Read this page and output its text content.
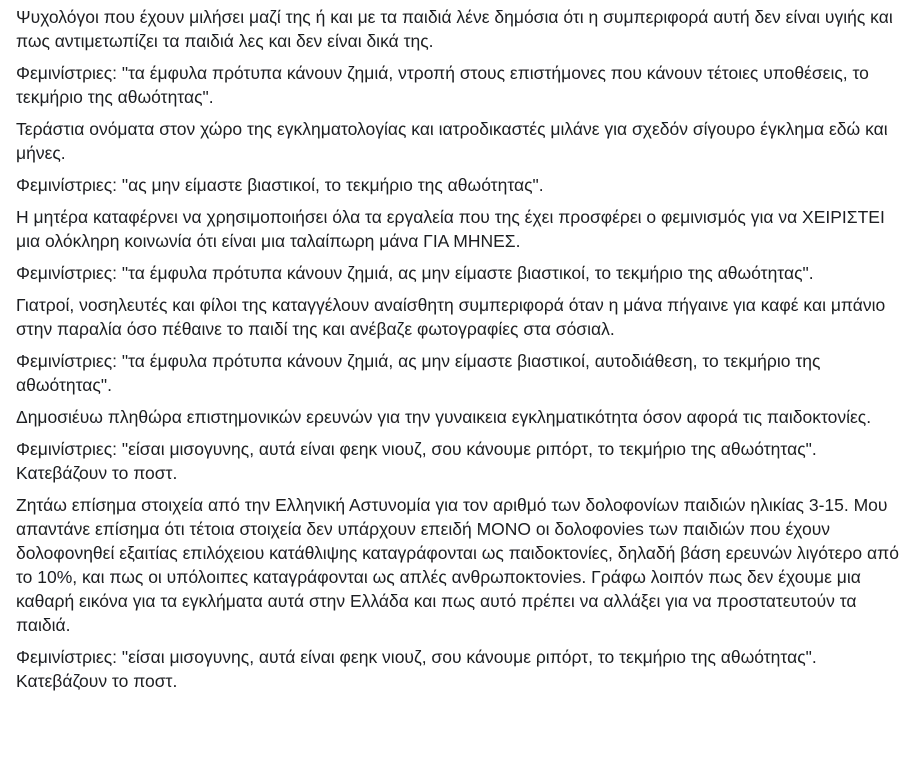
Ψυχολόγοι που έχουν μιλήσει μαζί της ή και με τα παιδιά λένε δημόσια ότι η συμπεριφορά αυτή δεν είναι υγιής και πως αντιμετωπίζει τα παιδιά λες και δεν είναι δικά της.

Φεμινίστριες: "τα έμφυλα πρότυπα κάνουν ζημιά, ντροπή στους επιστήμονες που κάνουν τέτοιες υποθέσεις, το τεκμήριο της αθωότητας".

Τεράστια ονόματα στον χώρο της εγκληματολογίας και ιατροδικαστές μιλάνε για σχεδόν σίγουρο έγκλημα εδώ και μήνες.

Φεμινίστριες: "ας μην είμαστε βιαστικοί, το τεκμήριο της αθωότητας".

Η μητέρα καταφέρνει να χρησιμοποιήσει όλα τα εργαλεία που της έχει προσφέρει ο φεμινισμός για να ΧΕΙΡΙΣΤΕΙ μια ολόκληρη κοινωνία ότι είναι μια ταλαίπωρη μάνα ΓΙΑ ΜΗΝΕΣ.

Φεμινίστριες: "τα έμφυλα πρότυπα κάνουν ζημιά, ας μην είμαστε βιαστικοί, το τεκμήριο της αθωότητας".

Γιατροί, νοσηλευτές και φίλοι της καταγγέλουν αναίσθητη συμπεριφορά όταν η μάνα πήγαινε για καφέ και μπάνιο στην παραλία όσο πέθαινε το παιδί της και ανέβαζε φωτογραφίες στα σόσιαλ.

Φεμινίστριες: "τα έμφυλα πρότυπα κάνουν ζημιά, ας μην είμαστε βιαστικοί, αυτοδιάθεση, το τεκμήριο της αθωότητας".

Δημοσιέυω πληθώρα επιστημονικών ερευνών για την γυναικεια εγκληματικότητα όσον αφορά τις παιδοκτονίες.

Φεμινίστριες: "είσαι μισογυνης, αυτά είναι φεηκ νιουζ, σου κάνουμε ριπόρτ, το τεκμήριο της αθωότητας". Κατεβάζουν το ποστ.

Ζητάω επίσημα στοιχεία από την Ελληνική Αστυνομία για τον αριθμό των δολοφονίων παιδιών ηλικίας 3-15. Μου απαντάνε επίσημα ότι τέτοια στοιχεία δεν υπάρχουν επειδή ΜΟΝΟ οι δολοφονies των παιδιών που έχουν δολοφονηθεί εξαιτίας επιλόχειου κατάθλιψης καταγράφονται ως παιδοκτονίες, δηλαδή βάση ερευνών λιγότερο από το 10%, και πως οι υπόλοιπες καταγράφονται ως απλές ανθρωποκτονies. Γράφω λοιπόν πως δεν έχουμε μια καθαρή εικόνα για τα εγκλήματα αυτά στην Ελλάδα και πως αυτό πρέπει να αλλάξει για να προστατευτούν τα παιδιά.

Φεμινίστριες: "είσαι μισογυνης, αυτά είναι φεηκ νιουζ, σου κάνουμε ριπόρτ, το τεκμήριο της αθωότητας". Κατεβάζουν το ποστ.
